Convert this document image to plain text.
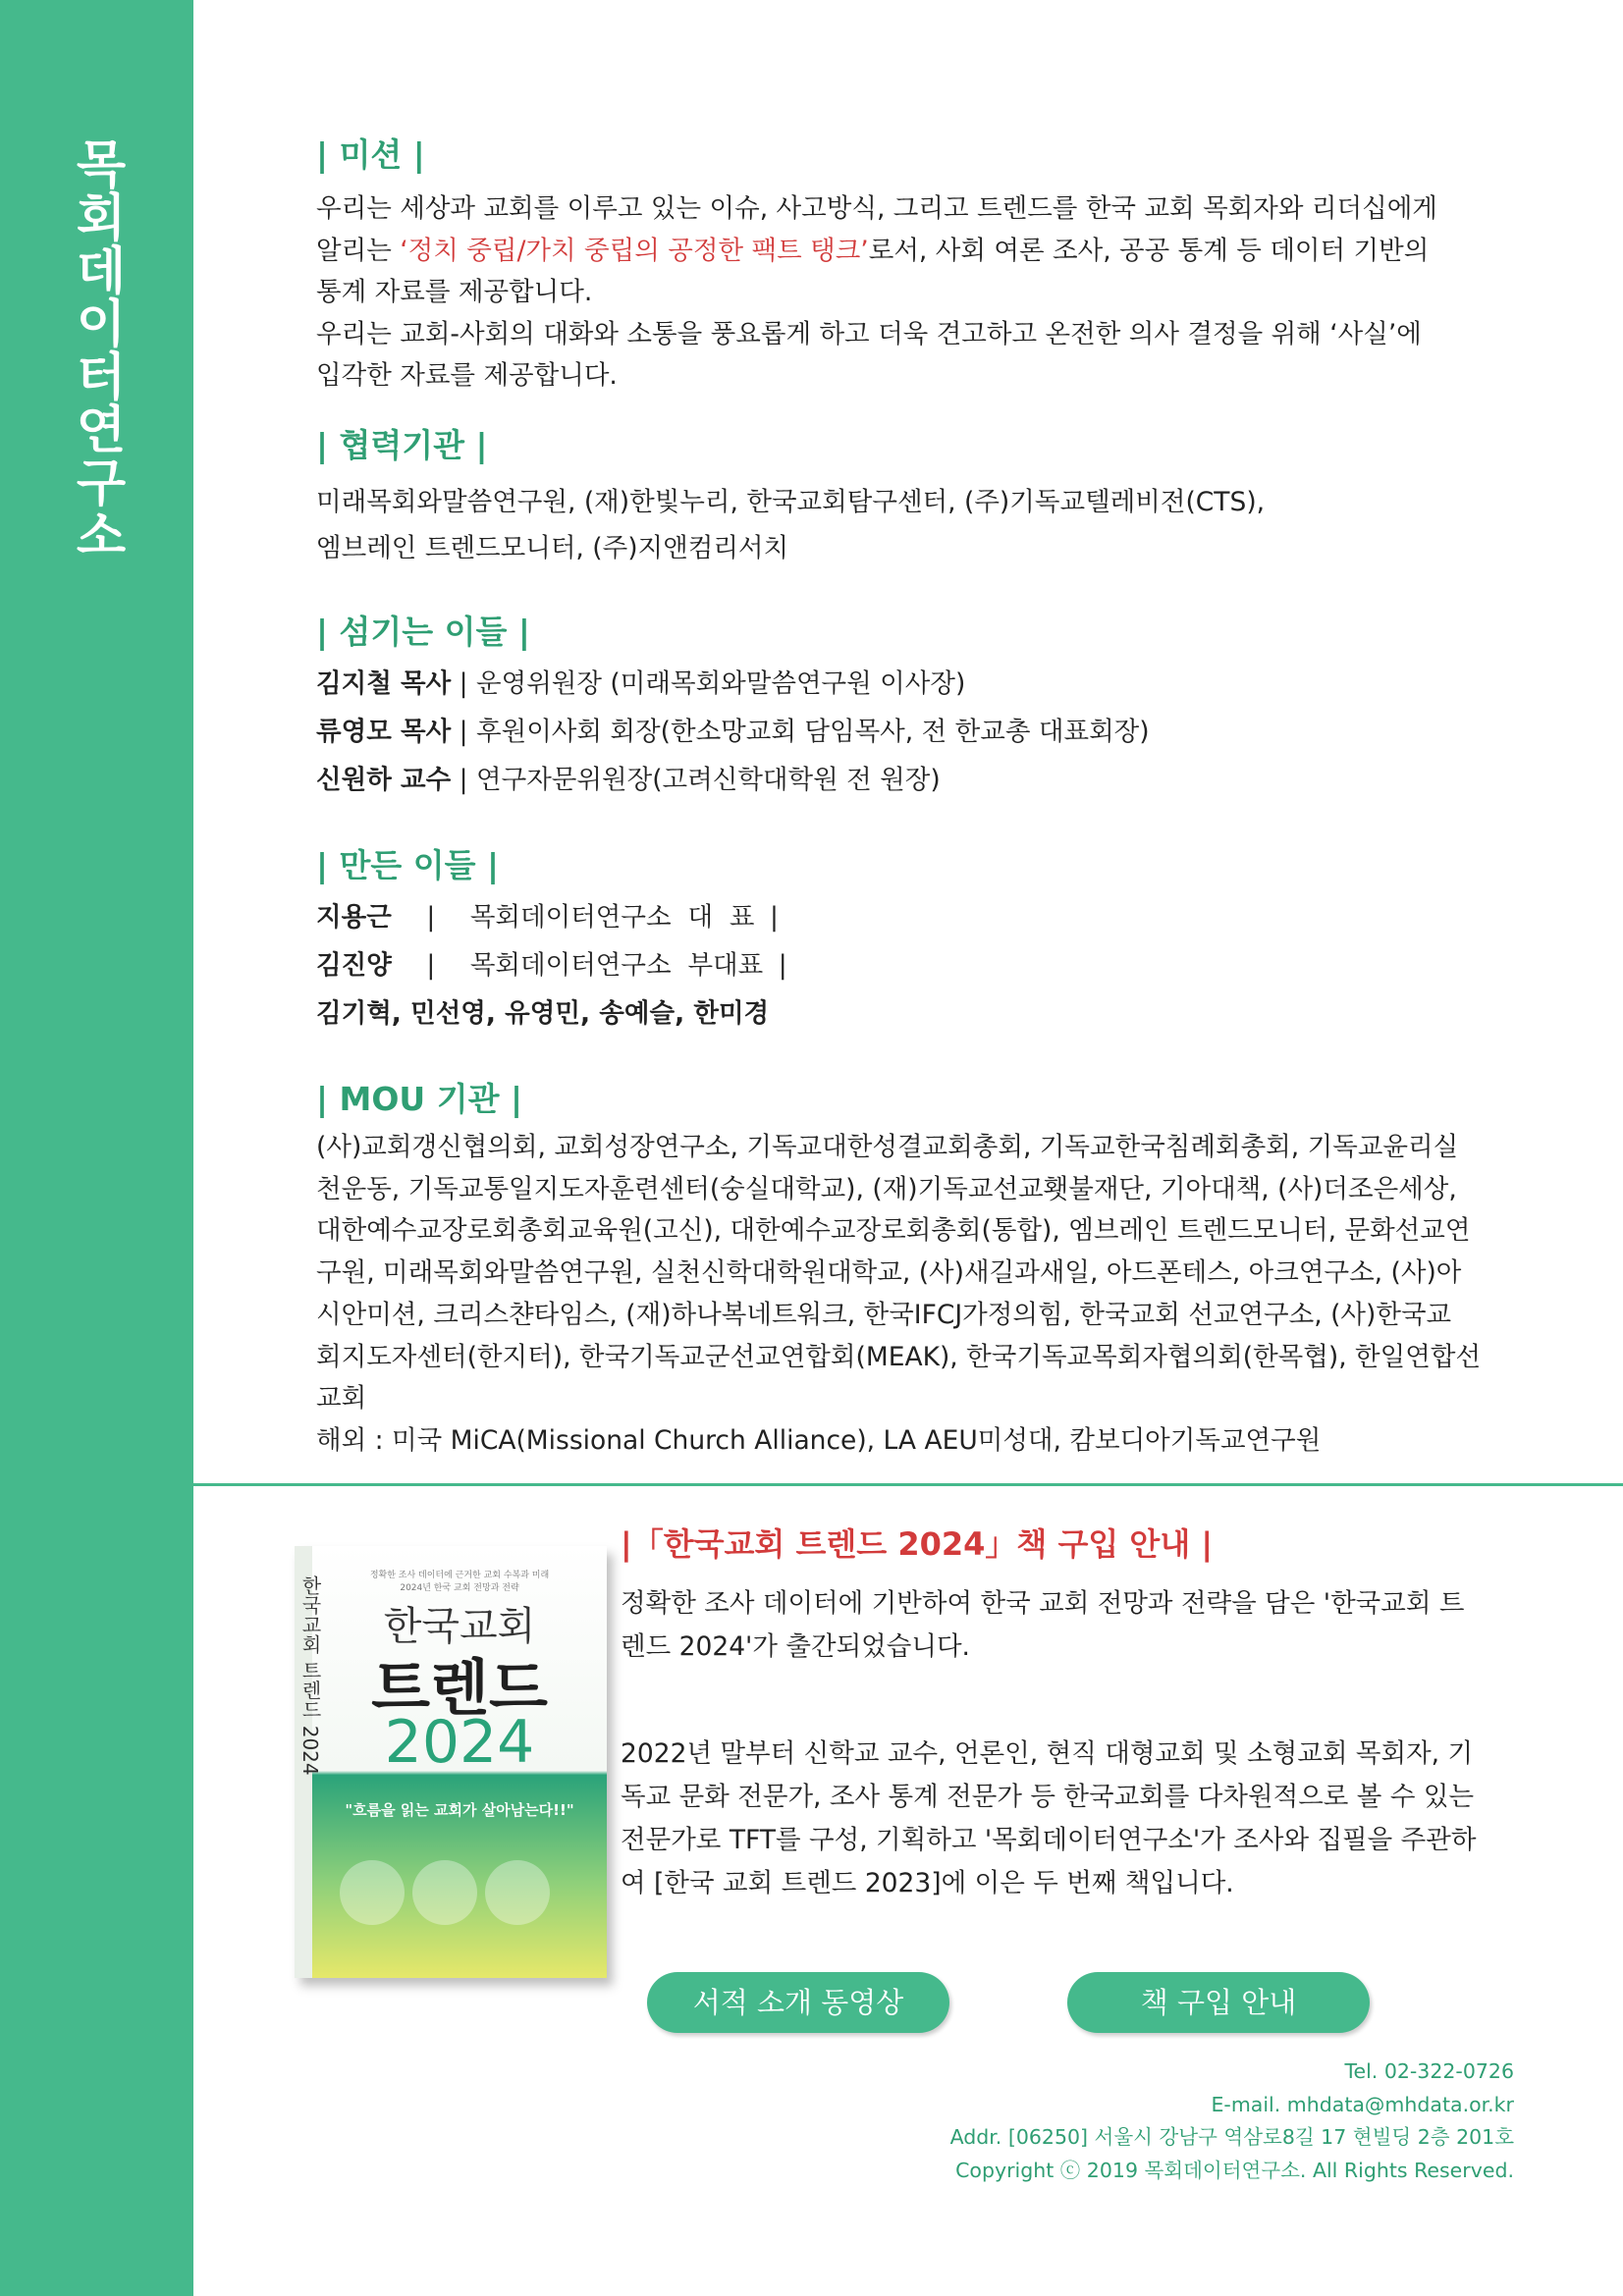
목회데이터연구소	| 미션 |

우리는 세상과 교회를 이루고 있는 이슈, 사고방식, 그리고 트렌드를 한국 교회 목회자와 리더십에게

알리는 ‘정치 중립/가치 중립의 공정한 팩트 탱크’로서, 사회 여론 조사, 공공 통계 등 데이터 기반의

통계 자료를 제공합니다.

우리는 교회-사회의 대화와 소통을 풍요롭게 하고 더욱 견고하고 온전한 의사 결정을 위해 ‘사실’에

입각한 자료를 제공합니다.

| 협력기관 |

미래목회와말씀연구원, (재)한빛누리, 한국교회탐구센터, (주)기독교텔레비전(CTS),

엠브레인 트렌드모니터, (주)지앤컴리서치

| 섬기는 이들 |

김지철 목사 | 운영위원장 (미래목회와말씀연구원 이사장)

류영모 목사 | 후원이사회 회장(한소망교회 담임목사, 전 한교총 대표회장)

신원하 교수 | 연구자문위원장(고려신학대학원 전 원장)

| 만든 이들 |

지용근 | 목회데이터연구소  대  표 |

김진양 | 목회데이터연구소  부대표 |

김기혁, 민선영, 유영민, 송예슬, 한미경

| MOU 기관 |

(사)교회갱신협의회, 교회성장연구소, 기독교대한성결교회총회, 기독교한국침례회총회, 기독교윤리실

천운동, 기독교통일지도자훈련센터(숭실대학교), (재)기독교선교횃불재단, 기아대책, (사)더조은세상,

대한예수교장로회총회교육원(고신), 대한예수교장로회총회(통합), 엠브레인 트렌드모니터, 문화선교연

구원, 미래목회와말씀연구원, 실천신학대학원대학교, (사)새길과새일, 아드폰테스, 아크연구소, (사)아

시안미션, 크리스챤타임스, (재)하나복네트워크, 한국IFCJ가정의힘, 한국교회 선교연구소, (사)한국교

회지도자센터(한지터), 한국기독교군선교연합회(MEAK), 한국기독교목회자협의회(한목협), 한일연합선

교회

해외 : 미국 MiCA(Missional Church Alliance), LA AEU미성대, 캄보디아기독교연구원

한국교회 트렌드 2024	정확한 조사 데이터에 근거한 교회 수복과 미래 2024년 한국 교회 전망과 전략
한국교회
트렌드
2024
"흐름을 읽는 교회가 살아남는다!!"
|「한국교회 트렌드 2024」책 구입 안내 |

정확한 조사 데이터에 기반하여 한국 교회 전망과 전략을 담은 '한국교회 트

렌드 2024'가 출간되었습니다.

2022년 말부터 신학교 교수, 언론인, 현직 대형교회 및 소형교회 목회자, 기

독교 문화 전문가, 조사 통계 전문가 등 한국교회를 다차원적으로 볼 수 있는

전문가로 TFT를 구성, 기획하고 '목회데이터연구소'가 조사와 집필을 주관하

여 [한국 교회 트렌드 2023]에 이은 두 번째 책입니다.

서적 소개 동영상	책 구입 안내
Tel. 02-322-0726
E-mail. mhdata@mhdata.or.kr
Addr. [06250] 서울시 강남구 역삼로8길 17 현빌딩 2층 201호
Copyright ⓒ 2019 목회데이터연구소. All Rights Reserved.
